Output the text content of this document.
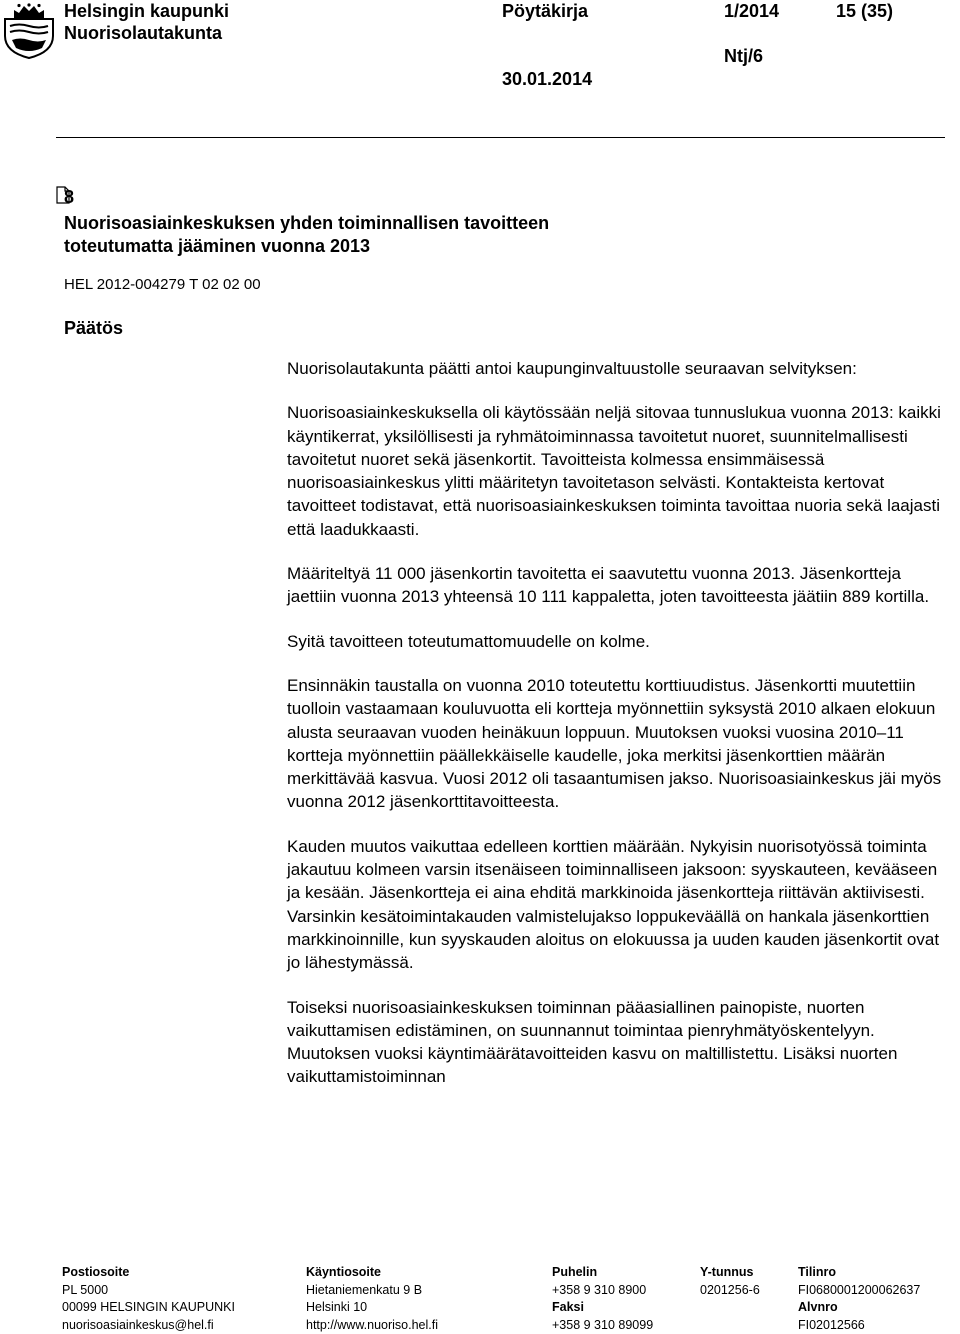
Helsingin kaupunki
Nuorisolautakunta
Pöytäkirja	1/2014	15 (35)
Ntj/6
30.01.2014
8
Nuorisoasiainkeskuksen yhden toiminnallisen tavoitteen
toteutumatta jääminen vuonna 2013
HEL 2012-004279 T 02 02 00
Päätös

Nuorisolautakunta päätti antoi kaupunginvaltuustolle seuraavan selvityksen:

Nuorisoasiainkeskuksella oli käytössään neljä sitovaa tunnuslukua vuonna 2013: kaikki käyntikerrat, yksilöllisesti ja ryhmätoiminnassa tavoitetut nuoret, suunnitelmallisesti tavoitetut nuoret sekä jäsenkortit. Tavoitteista kolmessa ensimmäisessä nuorisoasiainkeskus ylitti määritetyn tavoitetason selvästi. Kontakteista kertovat tavoitteet todistavat, että nuorisoasiainkeskuksen toiminta tavoittaa nuoria sekä laajasti että laadukkaasti.

Määriteltyä 11 000 jäsenkortin tavoitetta ei saavutettu vuonna 2013. Jäsenkortteja jaettiin vuonna 2013 yhteensä 10 111 kappaletta, joten tavoitteesta jäätiin 889 kortilla.

Syitä tavoitteen toteutumattomuudelle on kolme.

Ensinnäkin taustalla on vuonna 2010 toteutettu korttiuudistus. Jäsenkortti muutettiin tuolloin vastaamaan kouluvuotta eli kortteja myönnettiin syksystä 2010 alkaen elokuun alusta seuraavan vuoden heinäkuun loppuun. Muutoksen vuoksi vuosina 2010–11 kortteja myönnettiin päällekkäiselle kaudelle, joka merkitsi jäsenkorttien määrän merkittävää kasvua. Vuosi 2012 oli tasaantumisen jakso. Nuorisoasiainkeskus jäi myös vuonna 2012 jäsenkorttitavoitteesta.

Kauden muutos vaikuttaa edelleen korttien määrään. Nykyisin nuorisotyössä toiminta jakautuu kolmeen varsin itsenäiseen toiminnalliseen jaksoon: syyskauteen, kevääseen ja kesään. Jäsenkortteja ei aina ehditä markkinoida jäsenkortteja riittävän aktiivisesti. Varsinkin kesätoimintakauden valmistelujakso loppukeväällä on hankala jäsenkorttien markkinoinnille, kun syyskauden aloitus on elokuussa ja uuden kauden jäsenkortit ovat jo lähestymässä.

Toiseksi nuorisoasiainkeskuksen toiminnan pääasiallinen painopiste, nuorten vaikuttamisen edistäminen, on suunnannut toimintaa pienryhmätyöskentelyyn. Muutoksen vuoksi käyntimäärätavoitteiden kasvu on maltillistettu. Lisäksi nuorten vaikuttamistoiminnan

Postiosoite
PL 5000
00099 HELSINGIN KAUPUNKI
nuorisoasiainkeskus@hel.fi
Käyntiosoite
Hietaniemenkatu 9 B
Helsinki 10
http://www.nuoriso.hel.fi
Puhelin
+358 9 310 8900
Faksi
+358 9 310 89099
Y-tunnus
0201256-6
Tilinro
FI0680001200062637
Alvnro
FI02012566
